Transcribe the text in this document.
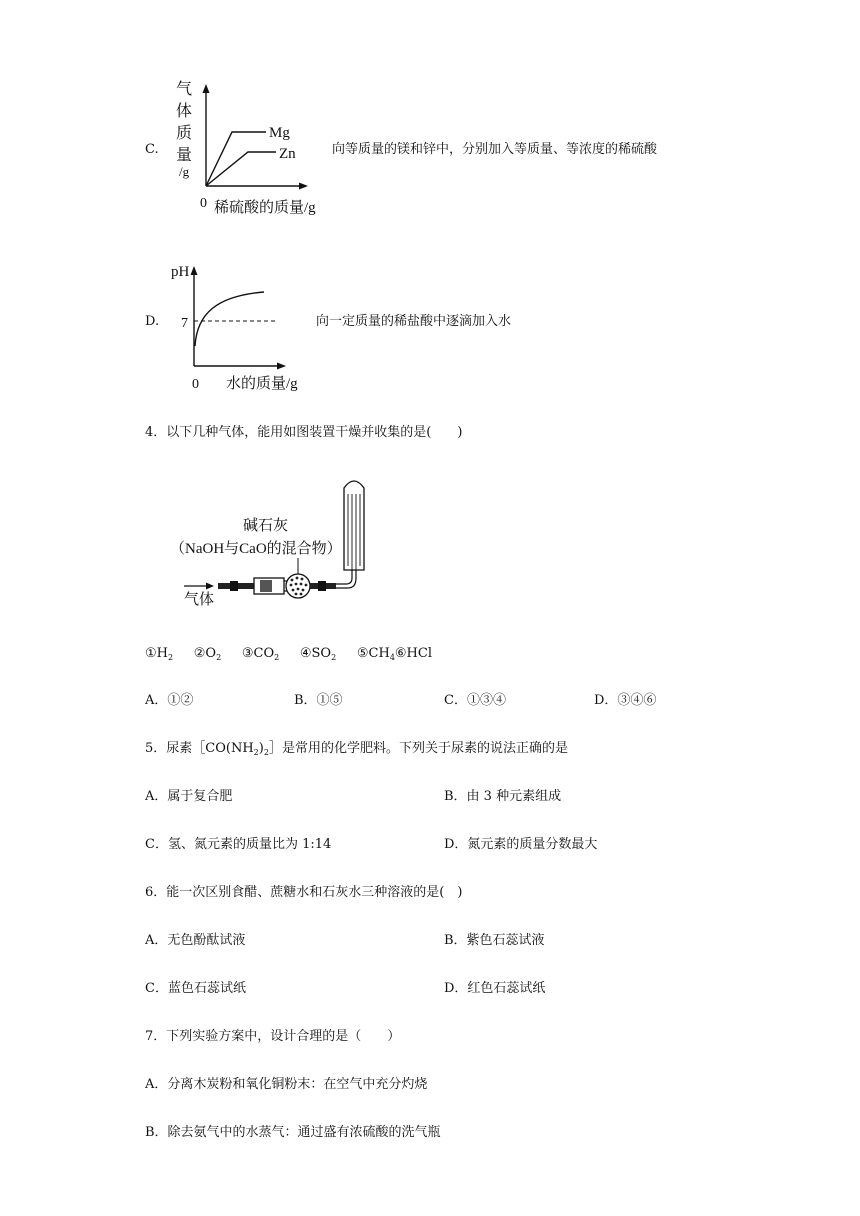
C.
气
体
质
量
/g
Mg
Zn
0 稀硫酸的质量/g
向等质量的镁和锌中，分别加入等质量、等浓度的稀硫酸
D.
pH
7
0 水的质量/g
向一定质量的稀盐酸中逐滴加入水
4．以下几种气体，能用如图装置干燥并收集的是(　　)
碱石灰
（NaOH与CaO的混合物）
气体
$①H_2$ $②O_2$ $③CO_2$ $④SO_2$ $⑤CH_4⑥HCl$
A．①②	B．①⑤	C．①③④	D．③④⑥
5．尿素$[CO(NH_2)_2]$是常用的化学肥料。下列关于尿素的说法正确的是
A．属于复合肥	B．由 3 种元素组成
C．氢、氮元素的质量比为 1:14	D．氮元素的质量分数最大
6．能一次区别食醋、蔗糖水和石灰水三种溶液的是(　)
A．无色酚酞试液	B．紫色石蕊试液
C．蓝色石蕊试纸	D．红色石蕊试纸
7．下列实验方案中，设计合理的是（　　）
A．分离木炭粉和氧化铜粉末：在空气中充分灼烧
B．除去氨气中的水蒸气：通过盛有浓硫酸的洗气瓶
